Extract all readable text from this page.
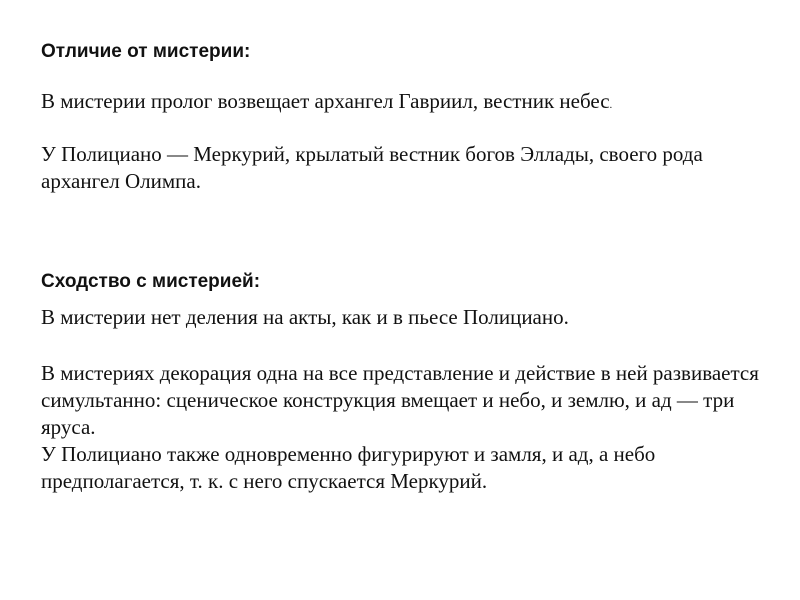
Отличие от мистерии:

В мистерии пролог возвещает архангел Гавриил, вестник небес.

У Полициано — Меркурий, крылатый вестник богов Эллады, своего рода архангел Олимпа.

Сходство с мистерией:

В мистерии нет деления на акты, как и в пьесе Полициано.

В мистериях декорация одна на все представление и действие в ней развивается симультанно: сценическое конструкция вмещает и небо, и землю, и ад — три яруса.

У Полициано также одновременно фигурируют и замля, и ад, а небо предполагается, т. к. с него спускается Меркурий.
